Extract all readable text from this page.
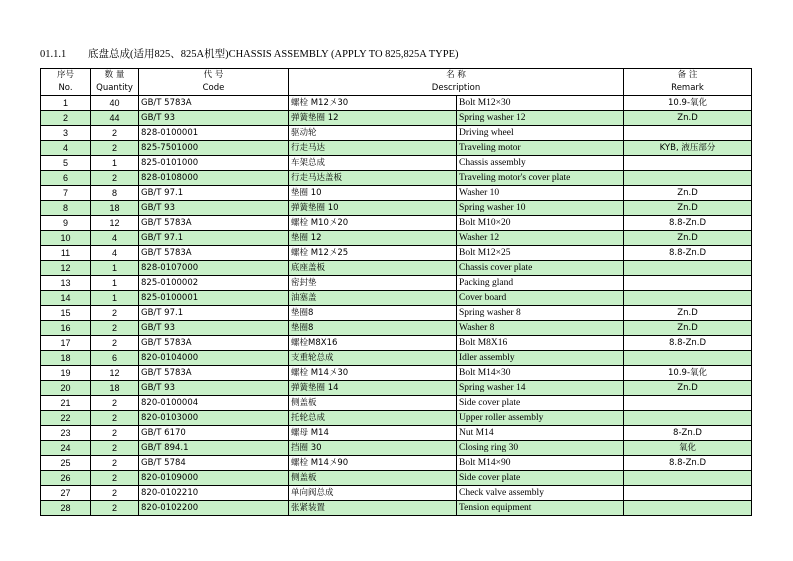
01.1.1 底盘总成(适用825、825A机型)CHASSIS ASSEMBLY (APPLY TO 825,825A TYPE)
序号	数 量	代 号	名 称		备 注
No.	Quantity	Code	Description		Remark
1	40	GB/T 5783A	螺栓 M12〤30	Bolt M12×30	10.9-氧化
2	44	GB/T 93	弹簧垫圈 12	Spring washer 12	Zn.D
3	2	828-0100001	驱动轮	Driving wheel	
4	2	825-7501000	行走马达	Traveling motor	KYB, 液压部分
5	1	825-0101000	车架总成	Chassis assembly	
6	2	828-0108000	行走马达盖板	Traveling motor's cover plate	
7	8	GB/T 97.1	垫圈 10	Washer 10	Zn.D
8	18	GB/T 93	弹簧垫圈 10	Spring washer 10	Zn.D
9	12	GB/T 5783A	螺栓 M10〤20	Bolt M10×20	8.8-Zn.D
10	4	GB/T 97.1	垫圈 12	Washer 12	Zn.D
11	4	GB/T 5783A	螺栓 M12〤25	Bolt M12×25	8.8-Zn.D
12	1	828-0107000	底座盖板	Chassis cover plate	
13	1	825-0100002	密封垫	Packing gland	
14	1	825-0100001	油塞盖	Cover board	
15	2	GB/T 97.1	垫圈8	Spring washer 8	Zn.D
16	2	GB/T 93	垫圈8	Washer 8	Zn.D
17	2	GB/T 5783A	螺栓M8X16	Bolt M8X16	8.8-Zn.D
18	6	820-0104000	支重轮总成	Idler assembly	
19	12	GB/T 5783A	螺栓 M14〤30	Bolt M14×30	10.9-氧化
20	18	GB/T 93	弹簧垫圈 14	Spring washer 14	Zn.D
21	2	820-0100004	侧盖板	Side cover plate	
22	2	820-0103000	托轮总成	Upper roller assembly	
23	2	GB/T 6170	螺母 M14	Nut M14	8-Zn.D
24	2	GB/T 894.1	挡圈 30	Closing ring 30	氧化
25	2	GB/T 5784	螺栓 M14〤90	Bolt M14×90	8.8-Zn.D
26	2	820-0109000	侧盖板	Side cover plate	
27	2	820-0102210	单向阀总成	Check valve assembly	
28	2	820-0102200	张紧装置	Tension equipment	
